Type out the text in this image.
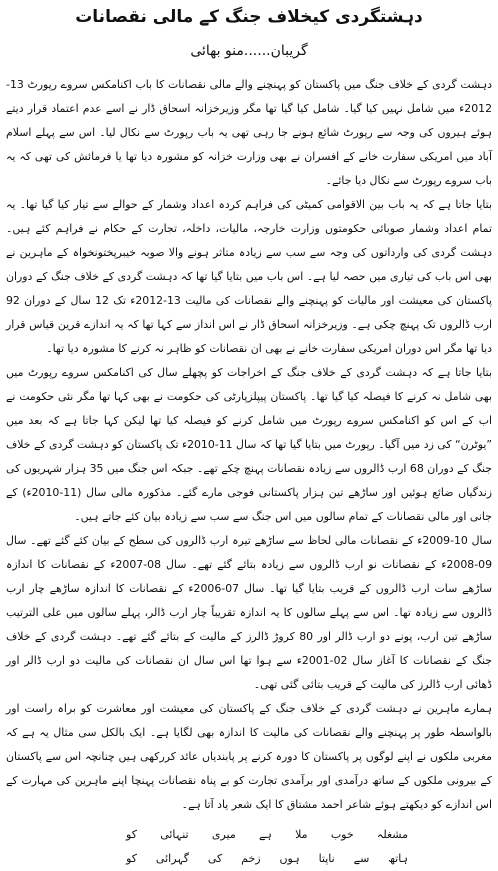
دہشتگردی کیخلاف جنگ کے مالی نقصانات
گریبان......منو بھائی

دہشت گردی کے خلاف جنگ میں پاکستان کو پہنچنے والے مالی نقصانات کا باب اکنامکس سروے رپورٹ 13-2012ء میں شامل نہیں کیا گیا۔ شامل کیا گیا تھا مگر وزیرخزانہ اسحاق ڈار نے اسے عدم اعتماد قرار دیتے ہوئے ہیروں کی وجہ سے رپورٹ شائع ہونے جا رہی تھی یہ باب رپورٹ سے نکال لیا۔ اس سے پہلے اسلام آباد میں امریکی سفارت خانے کے افسران نے بھی وزارت خزانہ کو مشورہ دیا تھا یا فرمائش کی تھی کہ یہ باب سروے رپورٹ سے نکال دیا جائے۔

بتایا جاتا ہے کہ یہ باب بین الاقوامی کمیٹی کی فراہم کردہ اعداد وشمار کے حوالے سے تیار کیا گیا تھا۔ یہ تمام اعداد وشمار صوبائی حکومتوں وزارت خارجہ، مالیات، داخلہ، تجارت کے حکام نے فراہم کئے ہیں۔ دہشت گردی کی وارداتوں کی وجہ سے سب سے زیادہ متاثر ہونے والا صوبہ خیبرپختونخواہ کے ماہرین نے بھی اس باب کی تیاری میں حصہ لیا ہے۔ اس باب میں بتایا گیا تھا کہ دہشت گردی کے خلاف جنگ کے دوران پاکستان کی معیشت اور مالیات کو پہنچنے والے نقصانات کی مالیت 13-2012ء تک 12 سال کے دوران 92 ارب ڈالروں تک پہنچ چکی ہے۔ وزیرخزانہ اسحاق ڈار نے اس انداز سے کہا تھا کہ یہ اندازے قرین قیاس قرار دیا تھا مگر اس دوران امریکی سفارت خانے نے بھی ان نقصانات کو ظاہر نہ کرنے کا مشورہ دیا تھا۔

بتایا جاتا ہے کہ دہشت گردی کے خلاف جنگ کے اخراجات کو پچھلے سال کی اکنامکس سروے رپورٹ میں بھی شامل نہ کرنے کا فیصلہ کیا گیا تھا۔ پاکستان پیپلزپارٹی کی حکومت نے بھی کہا تھا مگر نئی حکومت نے اب کے اس کو اکنامکس سروے رپورٹ میں شامل کرنے کو فیصلہ کیا تھا لیکن کہا جاتا ہے کہ بعد میں ”یوٹرن“ کی زد میں آگیا۔ رپورٹ میں بتایا گیا تھا کہ سال 11-2010ء تک پاکستان کو دہشت گردی کے خلاف جنگ کے دوران 68 ارب ڈالروں سے زیادہ نقصانات پہنچ چکے تھے۔ جبکہ اس جنگ میں 35 ہزار شہریوں کی زندگیاں ضائع ہوئیں اور ساڑھے تین ہزار پاکستانی فوجی مارے گئے۔ مذکورہ مالی سال (11-2010ء) کے جانی اور مالی نقصانات کے تمام سالوں میں اس جنگ سے سب سے زیادہ بیان کئے جاتے ہیں۔

سال 10-2009ء کے نقصانات مالی لحاظ سے ساڑھے تیرہ ارب ڈالروں کی سطح کے بیان کئے گئے تھے۔ سال 09-2008ء کے نقصانات نو ارب ڈالروں سے زیادہ بتائے گئے تھے۔ سال 08-2007ء کے نقصانات کا اندازہ ساڑھے سات ارب ڈالروں کے قریب بتایا گیا تھا۔ سال 07-2006ء کے نقصانات کا اندازہ ساڑھے چار ارب ڈالروں سے زیادہ تھا۔ اس سے پہلے سالوں کا یہ اندازہ تقریباً چار ارب ڈالر، پہلے سالوں میں علی الترتیب ساڑھے تین ارب، پونے دو ارب ڈالر اور 80 کروڑ ڈالرز کے مالیت کے بتائے گئے تھے۔ دہشت گردی کے خلاف جنگ کے نقصانات کا آغاز سال 02-2001ء سے ہوا تھا اس سال ان نقصانات کی مالیت دو ارب ڈالر اور ڈھائی ارب ڈالرز کی مالیت کے قریب بتائی گئی تھی۔

ہمارے ماہرین نے دہشت گردی کے خلاف جنگ کے پاکستان کی معیشت اور معاشرت کو براہ راست اور بالواسطہ طور پر پہنچنے والے نقصانات کی مالیت کا اندازہ بھی لگایا ہے۔ ایک بالکل سی مثال یہ ہے کہ مغربی ملکوں نے اپنے لوگوں پر پاکستان کا دورہ کرنے پر پابندیاں عائد کررکھی ہیں چنانچہ اس سے پاکستان کے بیرونی ملکوں کے ساتھ درآمدی اور برآمدی تجارت کو بے پناہ نقصانات پہنچا اپنے ماہرین کی مہارت کے اس اندازے کو دیکھتے ہوئے شاعر احمد مشتاق کا ایک شعر یاد آتا ہے۔

مشغلہ
خوب
ملا
ہے
میری
تنہائی
کو
ہاتھ
سے
ناپتا
ہوں
زخم
کی
گہرائی
کو
